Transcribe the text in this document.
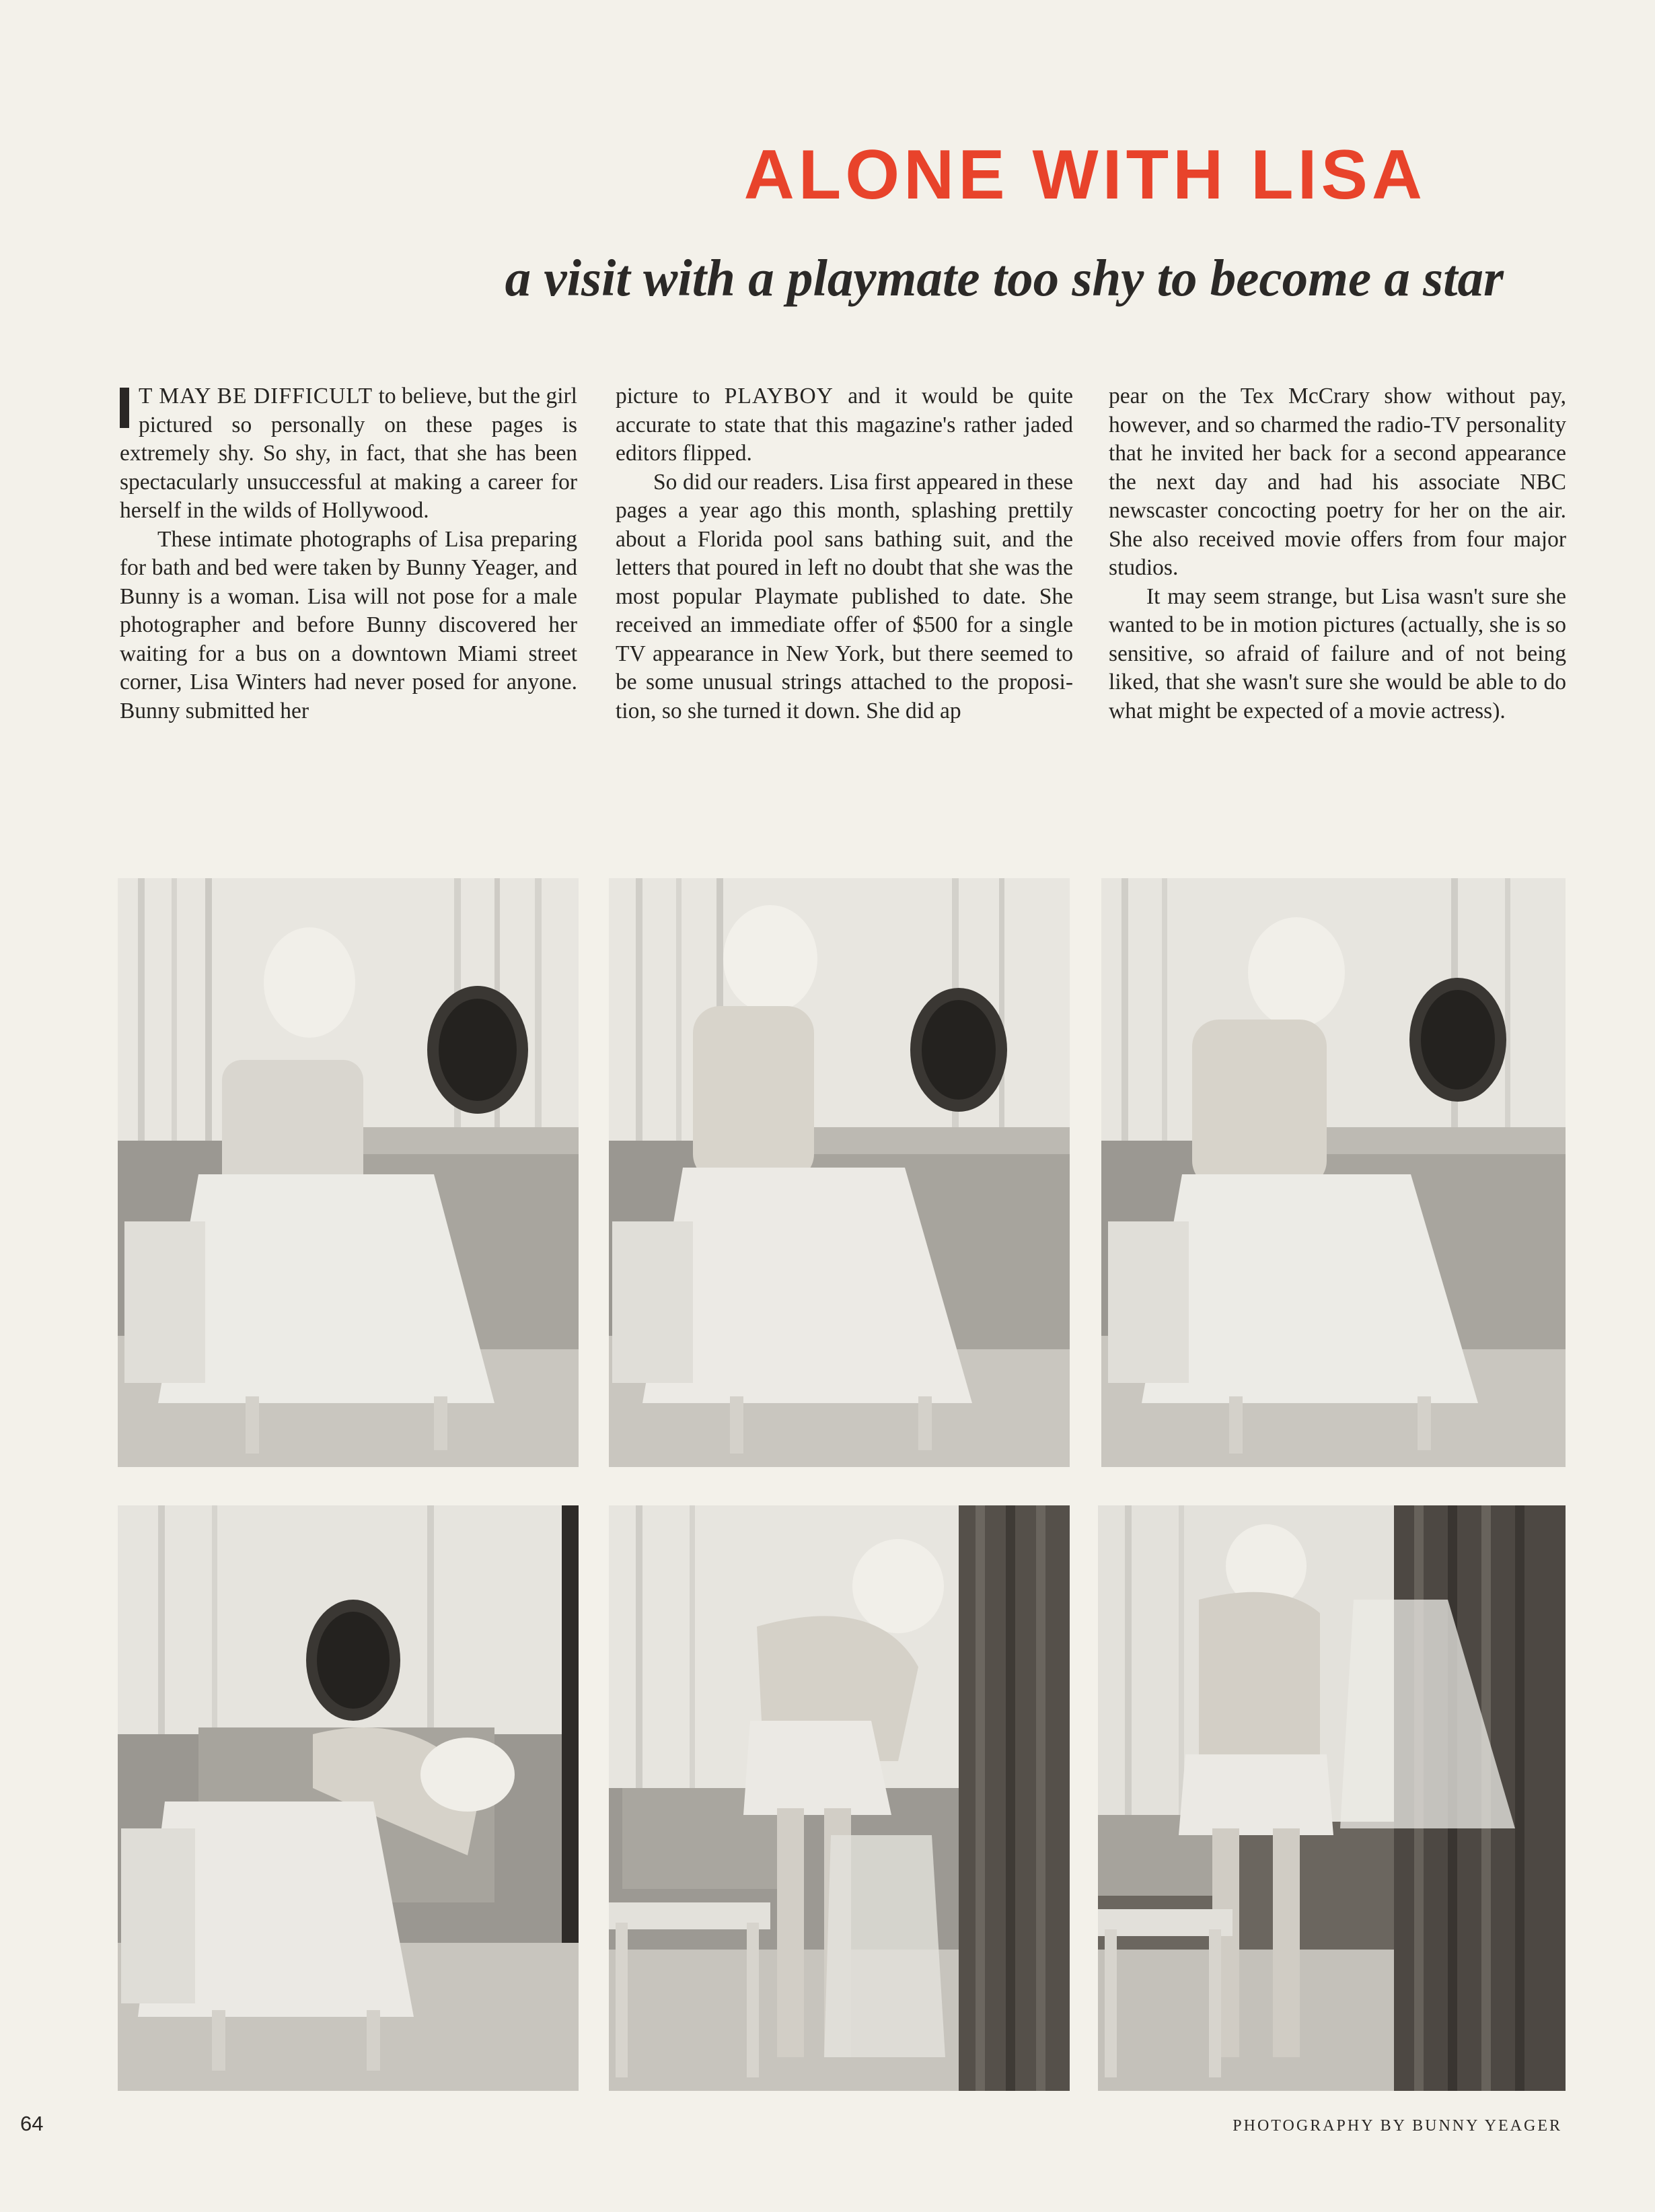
ALONE WITH LISA
a visit with a playmate too shy to become a star

T MAY BE DIFFICULT to believe, but the girl pictured so personally on these pages is extremely shy. So shy, in fact, that she has been spectacularly unsuccessful at making a career for herself in the wilds of Hollywood.

These intimate photographs of Lisa preparing for bath and bed were taken by Bunny Yeager, and Bunny is a woman. Lisa will not pose for a male photographer and before Bunny discovered her waiting for a bus on a downtown Miami street corner, Lisa Winters had never posed for anyone. Bunny submitted her

picture to PLAYBOY and it would be quite accurate to state that this magazine's rather jaded editors flipped.

So did our readers. Lisa first appeared in these pages a year ago this month, splashing prettily about a Florida pool sans bathing suit, and the letters that poured in left no doubt that she was the most popular Playmate published to date. She received an immediate offer of $500 for a single TV appearance in New York, but there seemed to be some unusual strings attached to the proposition, so she turned it down. She did ap

pear on the Tex McCrary show without pay, however, and so charmed the radio-TV personality that he invited her back for a second appearance the next day and had his associate NBC newscaster concocting poetry for her on the air. She also received movie offers from four major studios.

It may seem strange, but Lisa wasn't sure she wanted to be in motion pictures (actually, she is so sensitive, so afraid of failure and of not being liked, that she wasn't sure she would be able to do what might be expected of a movie actress).

64	PHOTOGRAPHY BY BUNNY YEAGER
